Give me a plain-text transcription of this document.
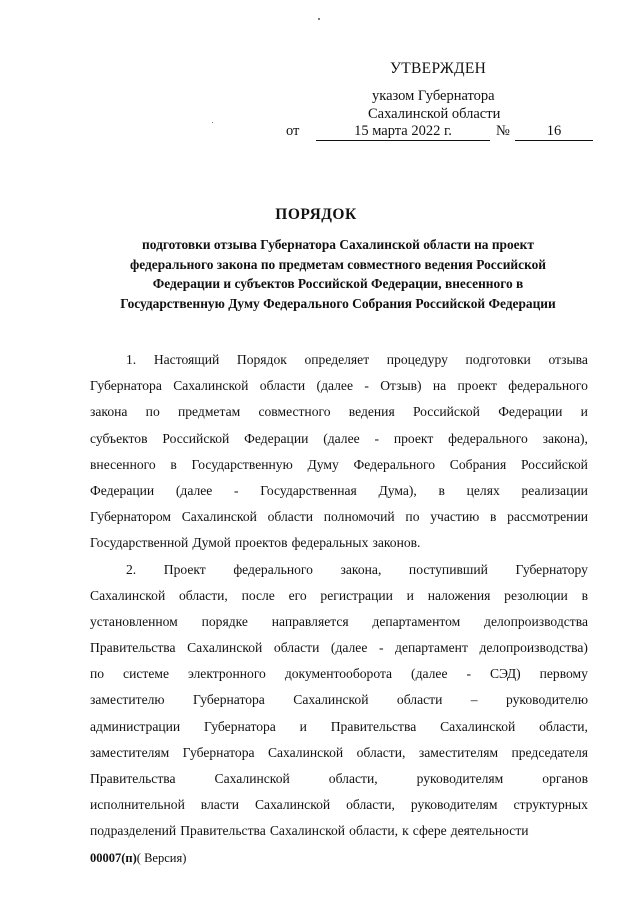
УТВЕРЖДЕН
указом Губернатора
Сахалинской области
от	15 марта 2022 г.	№	16
ПОРЯДОК
подготовки отзыва Губернатора Сахалинской области на проект
федерального закона по предметам совместного ведения Российской
Федерации и субъектов Российской Федерации, внесенного в
Государственную Думу Федерального Собрания Российской Федерации
1. Настоящий Порядок определяет процедуру подготовки отзыва
Губернатора Сахалинской области (далее - Отзыв) на проект федерального
закона по предметам совместного ведения Российской Федерации и
субъектов Российской Федерации (далее - проект федерального закона),
внесенного в Государственную Думу Федерального Собрания Российской
Федерации (далее - Государственная Дума), в целях реализации
Губернатором Сахалинской области полномочий по участию в рассмотрении
Государственной Думой проектов федеральных законов.
2. Проект федерального закона, поступивший Губернатору
Сахалинской области, после его регистрации и наложения резолюции в
установленном порядке направляется департаментом делопроизводства
Правительства Сахалинской области (далее - департамент делопроизводства)
по системе электронного документооборота (далее - СЭД) первому
заместителю Губернатора Сахалинской области – руководителю
администрации Губернатора и Правительства Сахалинской области,
заместителям Губернатора Сахалинской области, заместителям председателя
Правительства	Сахалинской	области,	руководителям	органов
исполнительной власти Сахалинской области, руководителям структурных
подразделений Правительства Сахалинской области, к сфере деятельности
00007(п)( Версия)
